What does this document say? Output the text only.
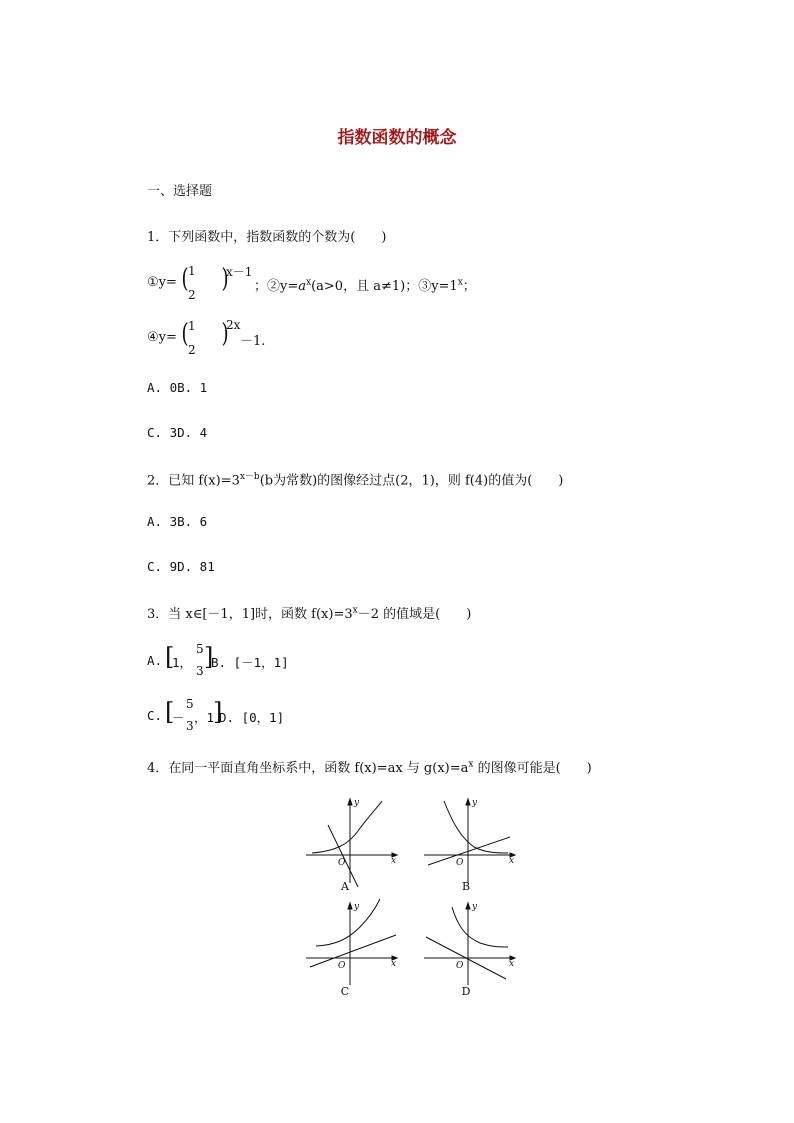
指数函数的概念
一、选择题
1．下列函数中，指数函数的个数为(　　)
①y= ( 1
2
)
x－1
；$②y=a^x(a>0$，且 a≠1)；$③y=1^x$；
④y= ( 1
2
)
2x
－1.
A. 0B. 1
C. 3D. 4
2．已知 $f(x)=3^{x-b}(b$为常数)的图像经过点(2，1)，则 f(4)的值为(　　)
A. 3B. 6
C. 9D. 81
3．当 x∈[－1，1]时，函数 $f(x)=3^x-2$ 的值域是(　　)
A. [
1，
5
3 ]
B. [－1，1]
C. [
－
5
3
，1
]
D. [0，1]
4．在同一平面直角坐标系中，函数 f(x)=ax 与 $g(x)=a^x$ 的图像可能是(　　)
y
x
O
y
x
O
y
x
O
y
x
O
A	B
C	D
